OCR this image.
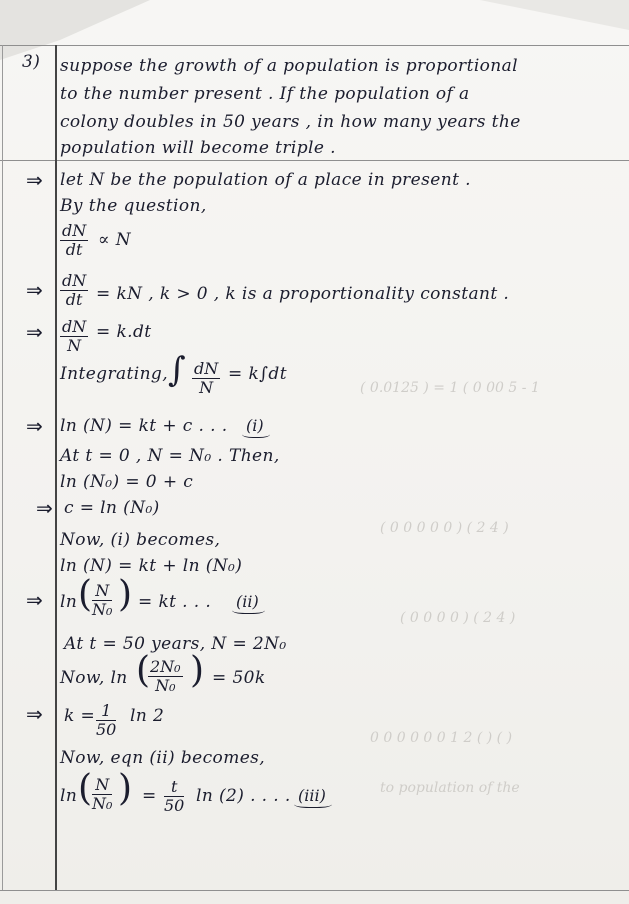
( 0.0125 ) = 1 ( 0 00 5 - 1
( 0 0 0 0 0 ) ( 2 4 )
( 0 0 0 0 ) ( 2 4 )
0 0 0 0 0 0 1 2 ( ) ( )
to population of the
3) suppose the growth of a population is proportional
to the number present . If the population of a
colony doubles in 50 years , in how many years the
population will become triple .
⇒ let N be the population of a place in present .
By the question,
$\frac{dN}{dt} \propto N$
⇒ $\frac{dN}{dt}$ = kN , k > 0 , k is a proportionality constant .
⇒ $\frac{dN}{N} = k.dt$
Integrating, ∫ $\frac{dN}{N} = k\int dt$
⇒ ln (N) = kt + c . . . (i)
At t = 0 , N = N₀ . Then,
ln (N₀) = 0 + c
⇒ c = ln (N₀)
Now, (i) becomes,
ln (N) = kt + ln (N₀)
⇒ ln ( $\frac{N}{\text{N₀}}$ ) = kt . . . (ii)
At t = 50 years, N = 2N₀
Now, ln (
$\frac{\text{2N₀}}{\text{N₀}}$ ) = 50k
⇒ $k = \frac{1}{50}$ ln 2
Now, eqn (ii) becomes,
ln ( $\frac{N}{\text{N₀}}$ ) = $\frac{t}{50}$ ln (2) . . . . (iii)
